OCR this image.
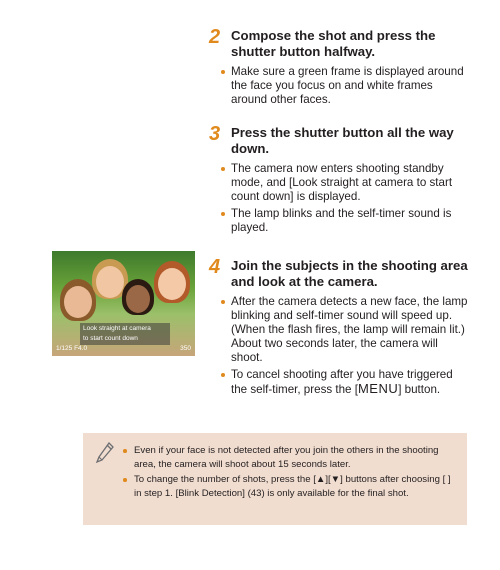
2 Compose the shot and press the shutter button halfway.
Make sure a green frame is displayed around the face you focus on and white frames around other faces.
3 Press the shutter button all the way down.
The camera now enters shooting standby mode, and [Look straight at camera to start count down] is displayed.
The lamp blinks and the self-timer sound is played.
4 Join the subjects in the shooting area and look at the camera.
After the camera detects a new face, the lamp blinking and self-timer sound will speed up. (When the flash fires, the lamp will remain lit.) About two seconds later, the camera will shoot.
To cancel shooting after you have triggered the self-timer, press the [MENU] button.
Look straight at camera
to start count down
1/125 F4.0	350
Even if your face is not detected after you join the others in the shooting area, the camera will shoot about 15 seconds later.
To change the number of shots, press the [▲][▼] buttons after choosing [ ] in step 1. [Blink Detection] (43) is only available for the final shot.
